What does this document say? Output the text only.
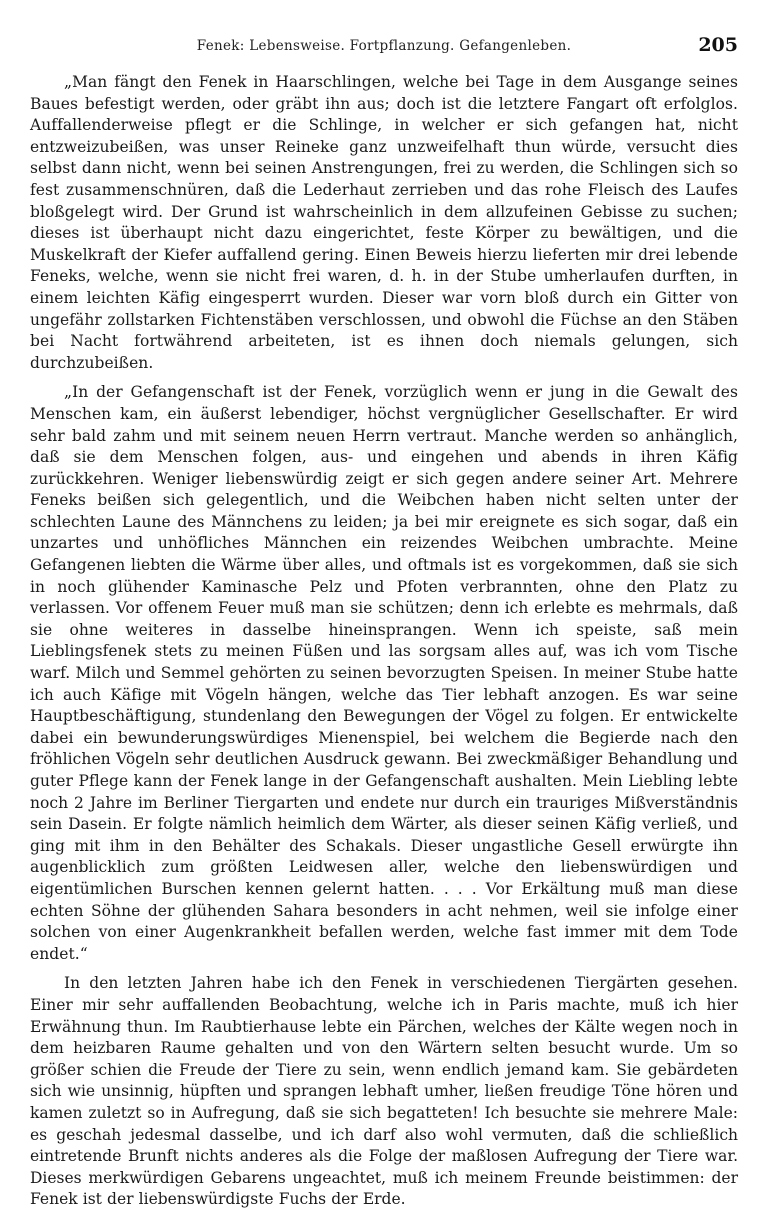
Fenek: Lebensweise. Fortpflanzung. Gefangenleben.	205

„Man fängt den Fenek in Haarschlingen, welche bei Tage in dem Ausgange seines Baues befestigt werden, oder gräbt ihn aus; doch ist die letztere Fangart oft erfolglos. Auffallenderweise pflegt er die Schlinge, in welcher er sich gefangen hat, nicht entzweizubeißen, was unser Reineke ganz unzweifelhaft thun würde, versucht dies selbst dann nicht, wenn bei seinen Anstrengungen, frei zu werden, die Schlingen sich so fest zusammenschnüren, daß die Lederhaut zerrieben und das rohe Fleisch des Laufes bloßgelegt wird. Der Grund ist wahrscheinlich in dem allzufeinen Gebisse zu suchen; dieses ist überhaupt nicht dazu eingerichtet, feste Körper zu bewältigen, und die Muskelkraft der Kiefer auffallend gering. Einen Beweis hierzu lieferten mir drei lebende Feneks, welche, wenn sie nicht frei waren, d. h. in der Stube umherlaufen durften, in einem leichten Käfig eingesperrt wurden. Dieser war vorn bloß durch ein Gitter von ungefähr zollstarken Fichtenstäben verschlossen, und obwohl die Füchse an den Stäben bei Nacht fortwährend arbeiteten, ist es ihnen doch niemals gelungen, sich durchzubeißen.

„In der Gefangenschaft ist der Fenek, vorzüglich wenn er jung in die Gewalt des Menschen kam, ein äußerst lebendiger, höchst vergnüglicher Gesellschafter. Er wird sehr bald zahm und mit seinem neuen Herrn vertraut. Manche werden so anhänglich, daß sie dem Menschen folgen, aus- und eingehen und abends in ihren Käfig zurückkehren. Weniger liebenswürdig zeigt er sich gegen andere seiner Art. Mehrere Feneks beißen sich gelegentlich, und die Weibchen haben nicht selten unter der schlechten Laune des Männchens zu leiden; ja bei mir ereignete es sich sogar, daß ein unzartes und unhöfliches Männchen ein reizendes Weibchen umbrachte. Meine Gefangenen liebten die Wärme über alles, und oftmals ist es vorgekommen, daß sie sich in noch glühender Kaminasche Pelz und Pfoten verbrannten, ohne den Platz zu verlassen. Vor offenem Feuer muß man sie schützen; denn ich erlebte es mehrmals, daß sie ohne weiteres in dasselbe hineinsprangen. Wenn ich speiste, saß mein Lieblingsfenek stets zu meinen Füßen und las sorgsam alles auf, was ich vom Tische warf. Milch und Semmel gehörten zu seinen bevorzugten Speisen. In meiner Stube hatte ich auch Käfige mit Vögeln hängen, welche das Tier lebhaft anzogen. Es war seine Hauptbeschäftigung, stundenlang den Bewegungen der Vögel zu folgen. Er entwickelte dabei ein bewunderungswürdiges Mienenspiel, bei welchem die Begierde nach den fröhlichen Vögeln sehr deutlichen Ausdruck gewann. Bei zweckmäßiger Behandlung und guter Pflege kann der Fenek lange in der Gefangenschaft aushalten. Mein Liebling lebte noch 2 Jahre im Berliner Tiergarten und endete nur durch ein trauriges Mißverständnis sein Dasein. Er folgte nämlich heimlich dem Wärter, als dieser seinen Käfig verließ, und ging mit ihm in den Behälter des Schakals. Dieser ungastliche Gesell erwürgte ihn augenblicklich zum größten Leidwesen aller, welche den liebenswürdigen und eigentümlichen Burschen kennen gelernt hatten. . . . Vor Erkältung muß man diese echten Söhne der glühenden Sahara besonders in acht nehmen, weil sie infolge einer solchen von einer Augenkrankheit befallen werden, welche fast immer mit dem Tode endet.“

In den letzten Jahren habe ich den Fenek in verschiedenen Tiergärten gesehen. Einer mir sehr auffallenden Beobachtung, welche ich in Paris machte, muß ich hier Erwähnung thun. Im Raubtierhause lebte ein Pärchen, welches der Kälte wegen noch in dem heizbaren Raume gehalten und von den Wärtern selten besucht wurde. Um so größer schien die Freude der Tiere zu sein, wenn endlich jemand kam. Sie gebärdeten sich wie unsinnig, hüpften und sprangen lebhaft umher, ließen freudige Töne hören und kamen zuletzt so in Aufregung, daß sie sich begatteten! Ich besuchte sie mehrere Male: es geschah jedesmal dasselbe, und ich darf also wohl vermuten, daß die schließlich eintretende Brunft nichts anderes als die Folge der maßlosen Aufregung der Tiere war. Dieses merkwürdigen Gebarens ungeachtet, muß ich meinem Freunde beistimmen: der Fenek ist der liebenswürdigste Fuchs der Erde.
